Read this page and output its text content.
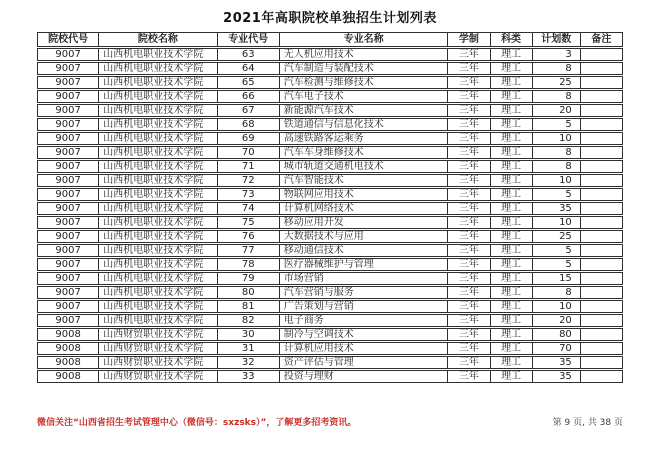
2021年高职院校单独招生计划列表
院校代号	院校名称	专业代号	专业名称	学制	科类	计划数	备注
9007	山西机电职业技术学院	63	无人机应用技术	三年	理工	3	
9007	山西机电职业技术学院	64	汽车制造与装配技术	三年	理工	8	
9007	山西机电职业技术学院	65	汽车检测与维修技术	三年	理工	25	
9007	山西机电职业技术学院	66	汽车电子技术	三年	理工	8	
9007	山西机电职业技术学院	67	新能源汽车技术	三年	理工	20	
9007	山西机电职业技术学院	68	铁道通信与信息化技术	三年	理工	5	
9007	山西机电职业技术学院	69	高速铁路客运乘务	三年	理工	10	
9007	山西机电职业技术学院	70	汽车车身维修技术	三年	理工	8	
9007	山西机电职业技术学院	71	城市轨道交通机电技术	三年	理工	8	
9007	山西机电职业技术学院	72	汽车智能技术	三年	理工	10	
9007	山西机电职业技术学院	73	物联网应用技术	三年	理工	5	
9007	山西机电职业技术学院	74	计算机网络技术	三年	理工	35	
9007	山西机电职业技术学院	75	移动应用开发	三年	理工	10	
9007	山西机电职业技术学院	76	大数据技术与应用	三年	理工	25	
9007	山西机电职业技术学院	77	移动通信技术	三年	理工	5	
9007	山西机电职业技术学院	78	医疗器械维护与管理	三年	理工	5	
9007	山西机电职业技术学院	79	市场营销	三年	理工	15	
9007	山西机电职业技术学院	80	汽车营销与服务	三年	理工	8	
9007	山西机电职业技术学院	81	广告策划与营销	三年	理工	10	
9007	山西机电职业技术学院	82	电子商务	三年	理工	20	
9008	山西财贸职业技术学院	30	制冷与空调技术	三年	理工	80	
9008	山西财贸职业技术学院	31	计算机应用技术	三年	理工	70	
9008	山西财贸职业技术学院	32	资产评估与管理	三年	理工	35	
9008	山西财贸职业技术学院	33	投资与理财	三年	理工	35	
微信关注“山西省招生考试管理中心（微信号：sxzsks）”，了解更多招考资讯。	第 9 页, 共 38 页
